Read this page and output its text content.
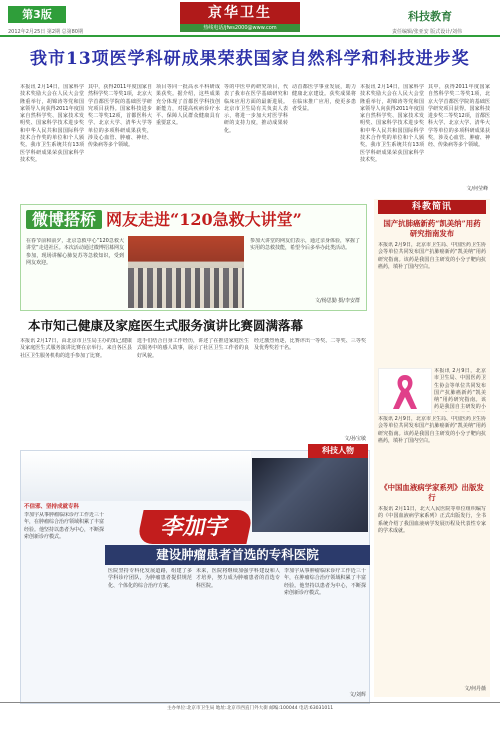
第3版	京华卫生
热线电话/jfws2000@www.com
科技教育
2012年2月25日 第2期 总第80期	责任编辑/张亚安 版式设计/刘伟
我市13项医学科研成果荣获国家自然科学和科技进步奖
本报讯 2月14日，国家科学技术奖励大会在人民大会堂隆重举行，胡锦涛等党和国家领导人向获得2011年度国家自然科学奖、国家技术发明奖、国家科学技术进步奖和中华人民共和国国际科学技术合作奖的单位和个人颁奖。我市卫生系统共有13项医学科研成果荣获国家科学技术奖。
其中，获得2011年度国家自然科学奖二等奖1项，北京大学首都医学院的基础医学研究项目获得。国家科技进步奖二等奖12项，首都医科大学、北京大学、清华大学等单位的多项科研成果获奖，涉及心血管、肿瘤、神经、传染病等多个领域。
项目等同一批高水平科研成果获奖。据介绍，这些成果充分体现了首都医学科技创新能力，对提高疾病诊疗水平、保障人民群众健康具有重要意义。
等的中医中药研究项目，代表了我市在医学基础研究和临床应用方面的最新进展。北京市卫生局有关负责人表示，将进一步加大对医学科研的支持力度，推动成果转化。
动首都医学事业发展，助力健康北京建设。获奖成果将在临床推广应用，使更多患者受益。
本报讯 2月14日，国家科学技术奖励大会在人民大会堂隆重举行，胡锦涛等党和国家领导人向获得2011年度国家自然科学奖、国家技术发明奖、国家科学技术进步奖和中华人民共和国国际科学技术合作奖的单位和个人颁奖。我市卫生系统共有13项医学科研成果荣获国家科学技术奖。
其中，获得2011年度国家自然科学奖二等奖1项，北京大学首都医学院的基础医学研究项目获得。国家科技进步奖二等奖12项，首都医科大学、北京大学、清华大学等单位的多项科研成果获奖，涉及心血管、肿瘤、神经、传染病等多个领域。
文/何莹峰
微博搭桥 网友走进“120急救大讲堂”
在春节前和前夕，北京急救中心“120急救大讲堂”走进社区。本次活动通过微博招募网友参加，现场讲解心肺复苏等急救知识，受到网友欢迎。
参加大讲堂的网友们表示，通过亲身体验，掌握了实用的急救技能，希望今后多举办此类活动。
文/杨思勤 摄/李安群
本市知己健康及家庭医生式服务演讲比赛圆满落幕
本报讯 2月17日，由北京市卫生局主办的知己健康及家庭医生式服务演讲比赛在京举行。来自各区县社区卫生服务机构的选手参加了比赛。
选手们结合自身工作经历，讲述了在推进家庭医生式服务中的感人故事，展示了社区卫生工作者的良好风貌。
经过激烈角逐，比赛评出一等奖、二等奖、三等奖及优秀奖若干名。
文/孙宝敏
科教简讯
国产抗肺癌新药“凯美纳”用药研究指南发布
本报讯 2月9日，北京市卫生局、中国医药卫生协会等单位共同发布国产抗肺癌新药“凯美纳”用药研究指南。该药是我国自主研发的小分子靶向抗癌药，填补了国内空白。
本报讯 2月9日，北京市卫生局、中国医药卫生协会等单位共同发布国产抗肺癌新药“凯美纳”用药研究指南。该药是我国自主研发的小
本报讯 2月9日，北京市卫生局、中国医药卫生协会等单位共同发布国产抗肺癌新药“凯美纳”用药研究指南。该药是我国自主研发的小分子靶向抗癌药，填补了国内空白。
《中国血液病学家系列》出版发行
本报讯 2月11日，北大人民医院等单位组织编写的《中国血液病学家系列》正式出版发行，全书系统介绍了我国血液病学发展历程及代表性专家的学术成就。
文/何丹薇
科技人物
不信邪、坚持成就专科
李加宇
建设肿瘤患者首选的专科医院
李加宇从事肿瘤临床诊疗工作近三十年，在肿瘤综合治疗领域积累了丰富经验。他坚持以患者为中心，不断探索创新诊疗模式。
医院坚持专科化发展道路，组建了多学科诊疗团队，为肿瘤患者提供规范化、个体化的综合治疗方案。
未来，医院将继续加强学科建设和人才培养，努力成为肿瘤患者的首选专科医院。
李加宇从事肿瘤临床诊疗工作近三十年，在肿瘤综合治疗领域积累了丰富经验。他坚持以患者为中心，不断探索创新诊疗模式。
文/刘辉
主办单位:北京市卫生局 地址:北京市西直门外大街 邮编:100044 电话:63031011
